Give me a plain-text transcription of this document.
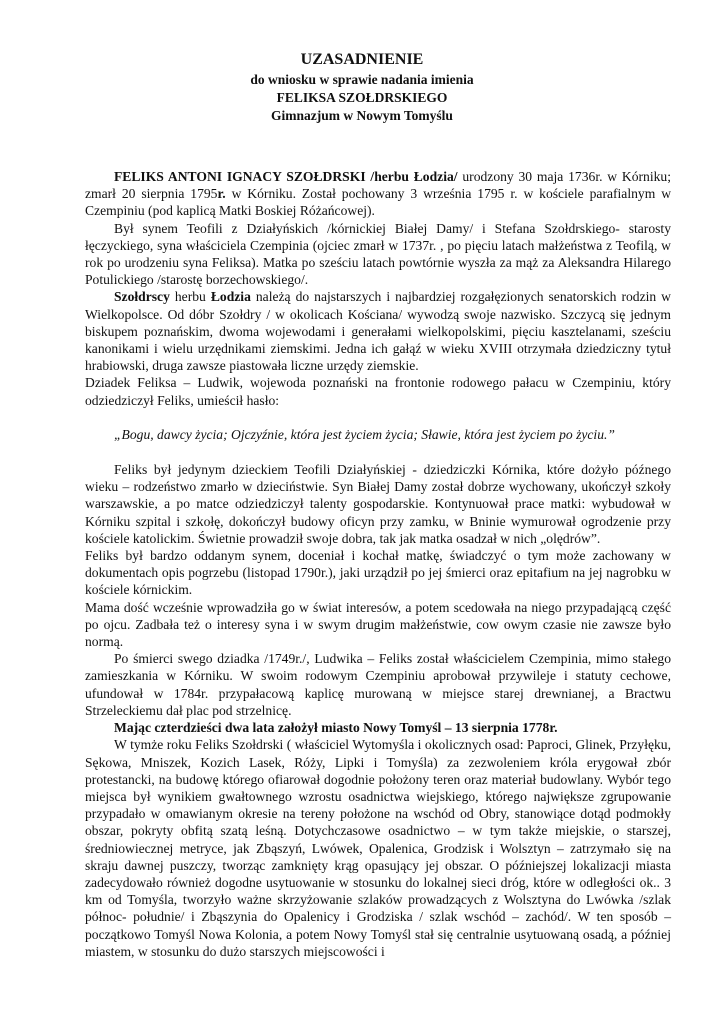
UZASADNIENIE
do wniosku w sprawie nadania imienia
FELIKSA SZOŁDRSKIEGO
Gimnazjum w Nowym Tomyślu

FELIKS ANTONI IGNACY SZOŁDRSKI /herbu Łodzia/ urodzony 30 maja 1736r. w Kórniku; zmarł 20 sierpnia 1795r. w Kórniku. Został pochowany 3 września 1795 r. w kościele parafialnym w Czempiniu (pod kaplicą Matki Boskiej Różańcowej).

Był synem Teofili z Działyńskich /kórnickiej Białej Damy/ i Stefana Szołdrskiego- starosty łęczyckiego, syna właściciela Czempinia (ojciec zmarł w 1737r. , po pięciu latach małżeństwa z Teofilą, w rok po urodzeniu syna Feliksa). Matka po sześciu latach powtórnie wyszła za mąż za Aleksandra Hilarego Potulickiego /starostę borzechowskiego/.

Szołdrscy herbu Łodzia należą do najstarszych i najbardziej rozgałęzionych senatorskich rodzin w Wielkopolsce. Od dóbr Szołdry / w okolicach Kościana/ wywodzą swoje nazwisko. Szczycą się jednym biskupem poznańskim, dwoma wojewodami i generałami wielkopolskimi, pięciu kasztelanami, sześciu kanonikami i wielu urzędnikami ziemskimi. Jedna ich gałąź w wieku XVIII otrzymała dziedziczny tytuł hrabiowski, druga zawsze piastowała liczne urzędy ziemskie.

Dziadek Feliksa – Ludwik, wojewoda poznański na frontonie rodowego pałacu w Czempiniu, który odziedziczył Feliks, umieścił hasło:

„Bogu, dawcy życia; Ojczyźnie, która jest życiem życia; Sławie, która jest życiem po życiu.”

Feliks był jedynym dzieckiem Teofili Działyńskiej - dziedziczki Kórnika, które dożyło późnego wieku – rodzeństwo zmarło w dzieciństwie. Syn Białej Damy został dobrze wychowany, ukończył szkoły warszawskie, a po matce odziedziczył talenty gospodarskie. Kontynuował prace matki: wybudował w Kórniku szpital i szkołę, dokończył budowy oficyn przy zamku, w Bninie wymurował ogrodzenie przy kościele katolickim. Świetnie prowadził swoje dobra, tak jak matka osadzał w nich „olędrów”.

Feliks był bardzo oddanym synem, doceniał i kochał matkę, świadczyć o tym może zachowany w dokumentach opis pogrzebu (listopad 1790r.), jaki urządził po jej śmierci oraz epitafium na jej nagrobku w kościele kórnickim.

Mama dość wcześnie wprowadziła go w świat interesów, a potem scedowała na niego przypadającą część po ojcu. Zadbała też o interesy syna i w swym drugim małżeństwie, cow owym czasie nie zawsze było normą.

Po śmierci swego dziadka /1749r./, Ludwika – Feliks został właścicielem Czempinia, mimo stałego zamieszkania w Kórniku. W swoim rodowym Czempiniu aprobował przywileje i statuty cechowe, ufundował w 1784r. przypałacową kaplicę murowaną w miejsce starej drewnianej, a Bractwu Strzeleckiemu dał plac pod strzelnicę.

Mając czterdzieści dwa lata założył miasto Nowy Tomyśl – 13 sierpnia 1778r.

W tymże roku Feliks Szołdrski ( właściciel Wytomyśla i okolicznych osad: Paproci, Glinek, Przyłęku, Sękowa, Mniszek, Kozich Lasek, Róży, Lipki i Tomyśla) za zezwoleniem króla erygował zbór protestancki, na budowę którego ofiarował dogodnie położony teren oraz materiał budowlany. Wybór tego miejsca był wynikiem gwałtownego wzrostu osadnictwa wiejskiego, którego największe zgrupowanie przypadało w omawianym okresie na tereny położone na wschód od Obry, stanowiące dotąd podmokły obszar, pokryty obfitą szatą leśną. Dotychczasowe osadnictwo – w tym także miejskie, o starszej, średniowiecznej metryce, jak Zbąszyń, Lwówek, Opalenica, Grodzisk i Wolsztyn – zatrzymało się na skraju dawnej puszczy, tworząc zamknięty krąg opasujący jej obszar. O późniejszej lokalizacji miasta zadecydowało również dogodne usytuowanie w stosunku do lokalnej sieci dróg, które w odległości ok.. 3 km od Tomyśla, tworzyło ważne skrzyżowanie szlaków prowadzących z Wolsztyna do Lwówka /szlak północ- południe/ i Zbąszynia do Opalenicy i Grodziska / szlak wschód – zachód/. W ten sposób – początkowo Tomyśl Nowa Kolonia, a potem Nowy Tomyśl stał się centralnie usytuowaną osadą, a później miastem, w stosunku do dużo starszych miejscowości i
